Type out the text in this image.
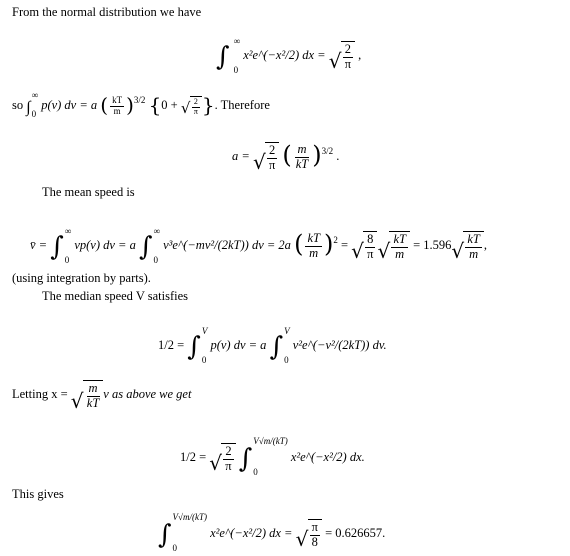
From the normal distribution we have
∫
∞
0
x²e^(−x²/2) dx = √ $\frac{2}{\pi}$ ,
so ∫
∞
0
p(v) dv = a ( $\frac{kT}{m} )^{3/2}$ {0 + √ $\frac{2}{\pi}$ }. Therefore
a = √ $\frac{2}{\pi}$ ( $\frac{m}{kT} )^{3/2}$ .
The mean speed is
v̄ = ∫
∞
0
vp(v) dv = a ∫
∞
0
v³e^(−mv²/(2kT)) dv = 2a ( $\frac{kT}{m} )^2$ = √ $\frac{8}{\pi}$ √ $\frac{kT}{m} = 1.596$ √ $\frac{kT}{m}$ ,
(using integration by parts).
The median speed V satisfies
1/2 = ∫
V
0
p(v) dv = a ∫
V
0
v²e^(−v²/(2kT)) dv.
Letting x = √ $\frac{m}{kT}$ v as above we get
1/2 = √ $\frac{2}{\pi}$ ∫
V√m/(kT)
0
x²e^(−x²/2) dx.
This gives
∫
V√m/(kT)
0
x²e^(−x²/2) dx = √ $\frac{\pi}{8} = 0.626657$.
